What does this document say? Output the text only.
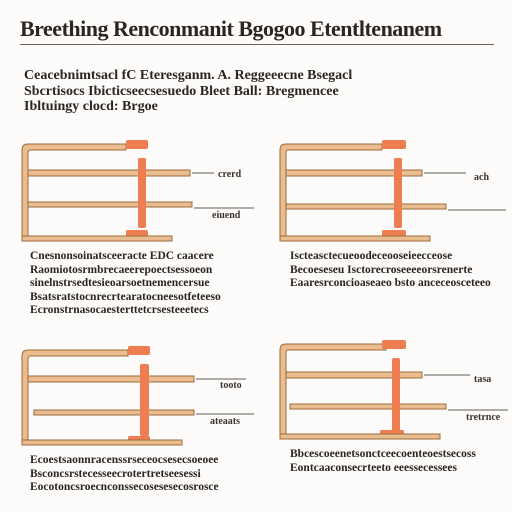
Breething Renconmanit Bgogoo Etentltenanem
Ceacebnimtsacl fC Eteresganm. A. Reggeeecne Bsegacl
Sbcrtisocs Ibicticseecsesuedo Bleet Ball: Bregmencee
Ibltuingy clocd: Brgoe
crerd
eiuend
Cnesnonsoinatsceeracte EDC caacere
Raomiotosrmbrecaeerepoectsessoeon
sinelnstrsedtesieoarsoetnemencersue
Bsatsratstocnrecrtearatocneesotfeteeso
Ecronstrnasocaesterttetcrsesteeetecs
ach
Iscteasctecueoodeceooseieecceose
Becoeseseu Isctorecroseeeeorsrenerte
Eaaresrconcioaseaeo bsto anceceosceteeo
tooto
ateaats
Ecoestsaonnracenssrseceocsesecsoeoee
Bsconcsrstecesseecrotertretseesessi
Eocotoncsroecnconssecosesesecosrosce
tasa
tretrnce
Bbcescoeenetsonctceecoenteoestsecoss
Eontcaaconsecrteeto eeessecessees
